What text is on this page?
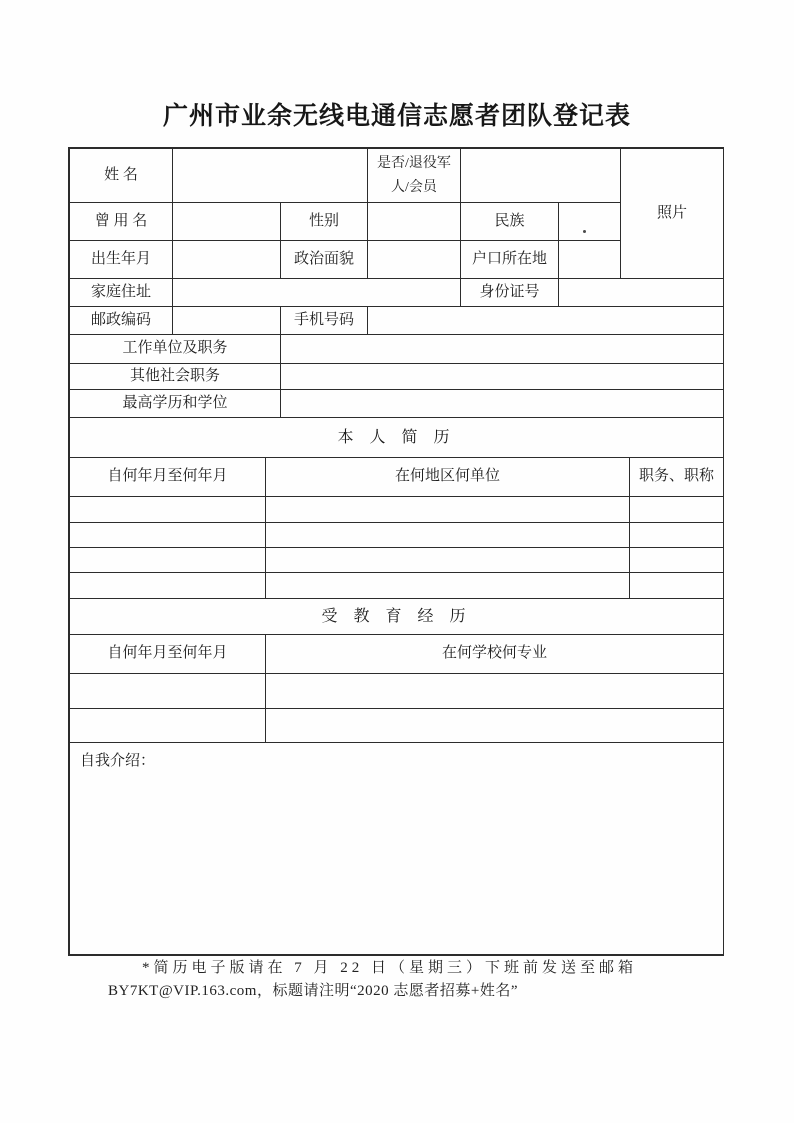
广州市业余无线电通信志愿者团队登记表
姓 名			是否/退役军人/会员			照片
曾 用 名		性别		民族		
出生年月		政治面貌		户口所在地		
家庭住址				身份证号		
邮政编码		手机号码				
工作单位及职务						
其他社会职务						
最高学历和学位						
本 人 简 历		
自何年月至何年月	在何地区何单位	职务、职称

受 教 育 经 历	
自何年月至何年月	在何学校何专业

自我介绍：
*简历电子版请在 7 月 22 日（星期三）下班前发送至邮箱
BY7KT@VIP.163.com，标题请注明“2020 志愿者招募+姓名”
